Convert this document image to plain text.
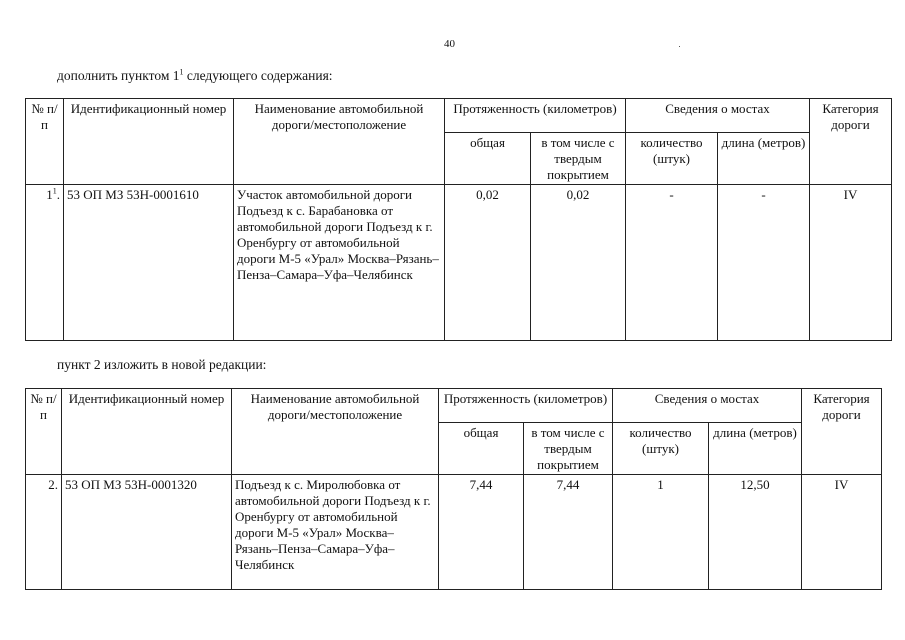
40
дополнить пунктом $1^1$ следующего содержания:
№ п/п	Идентификационный номер	Наименование автомобильной дороги/местоположение	Протяженность (километров)		Сведения о мостах		Категория дороги
			общая	в том числе с твердым покрытием	количество (штук)	длина (метров)	
$1^1$.	53 ОП МЗ 53Н-0001610	Участок автомобильной дороги Подъезд к с. Барабановка от автомобильной дороги Подъезд к г. Оренбургу от автомобильной дороги М-5 «Урал» Москва–Рязань–Пенза–Самара–Уфа–Челябинск	0,02	0,02	-	-	IV
пункт 2 изложить в новой редакции:
№ п/п	Идентификационный номер	Наименование автомобильной дороги/местоположение	Протяженность (километров)		Сведения о мостах		Категория дороги
			общая	в том числе с твердым покрытием	количество (штук)	длина (метров)	
2.	53 ОП МЗ 53Н-0001320	Подъезд к с. Миролюбовка от автомобильной дороги Подъезд к г. Оренбургу от автомобильной дороги М-5 «Урал» Москва–Рязань–Пенза–Самара–Уфа–Челябинск	7,44	7,44	1	12,50	IV
